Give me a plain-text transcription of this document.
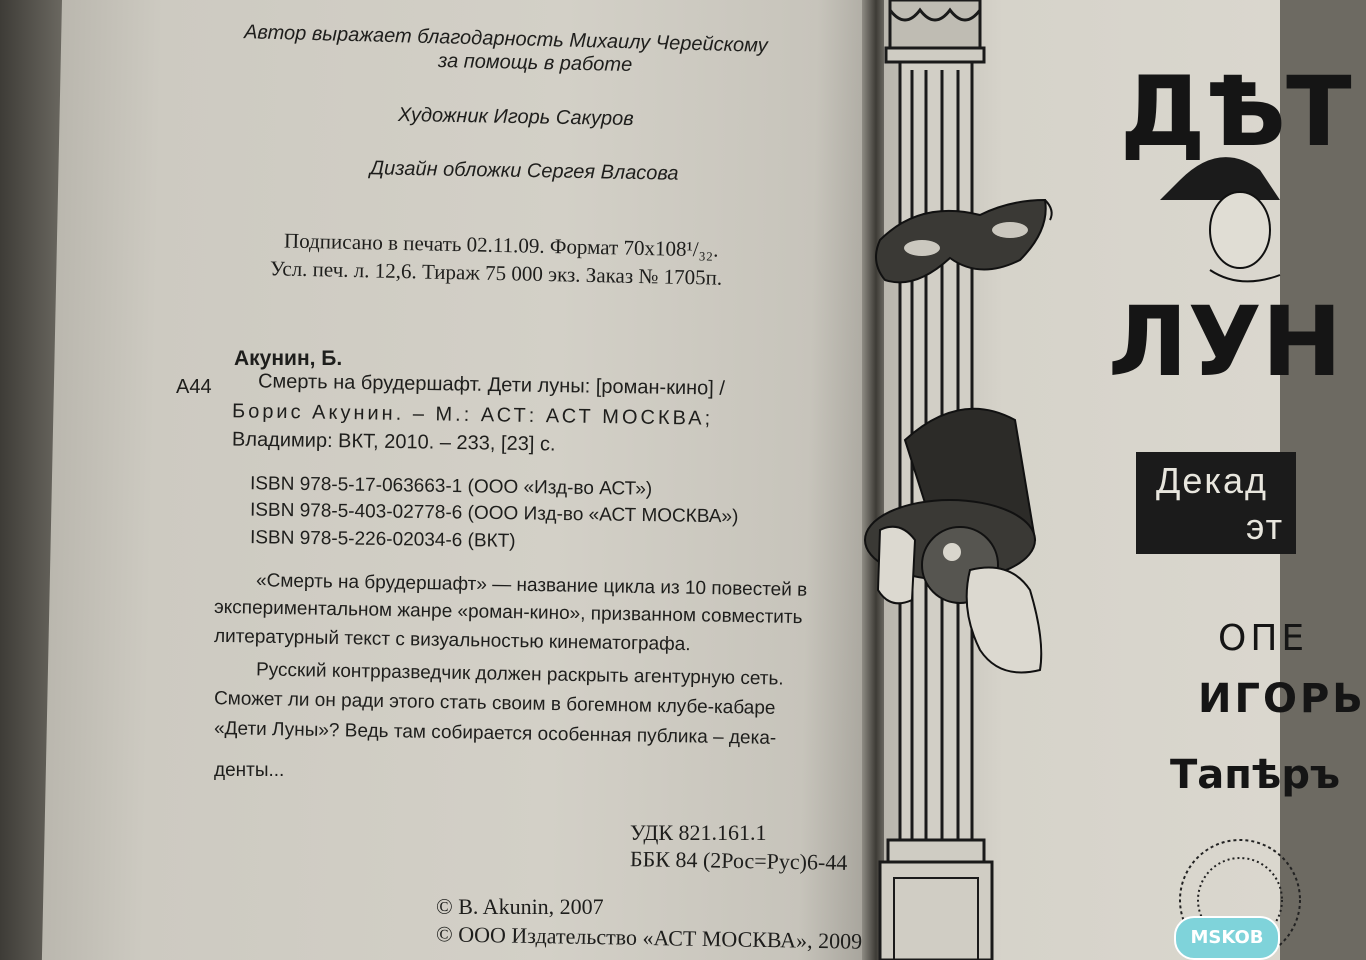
Автор выражает благодарность Михаилу Черейскому
за помощь в работе
Художник Игорь Сакуров
Дизайн обложки Сергея Власова
Подписано в печать 02.11.09. Формат 70x108¹/₃₂.
Усл. печ. л. 12,6. Тираж 75 000 экз. Заказ № 1705п.
Акунин, Б.
А44 Смерть на брудершафт. Дети луны: [роман-кино] /
Борис Акунин. – М.: АСТ: АСТ МОСКВА;
Владимир: ВКТ, 2010. – 233, [23] с.
ISBN 978-5-17-063663-1 (ООО «Изд-во АСТ»)
ISBN 978-5-403-02778-6 (ООО Изд-во «АСТ МОСКВА»)
ISBN 978-5-226-02034-6 (ВКТ)
«Смерть на брудершафт» — название цикла из 10 повестей в
экспериментальном жанре «роман-кино», призванном совместить
литературный текст с визуальностью кинематографа.
Русский контрразведчик должен раскрыть агентурную сеть.
Сможет ли он ради этого стать своим в богемном клубе-кабаре
«Дети Луны»? Ведь там собирается особенная публика – дека-
денты...
УДК 821.161.1
ББК 84 (2Рос=Рус)6-44
© B. Akunin, 2007
© ООО Издательство «АСТ МОСКВА», 2009
ДѢТ
ЛУН
Декад
эт
ОПЕ
ИГОРЬ
Тапѣръ
MSKOB
